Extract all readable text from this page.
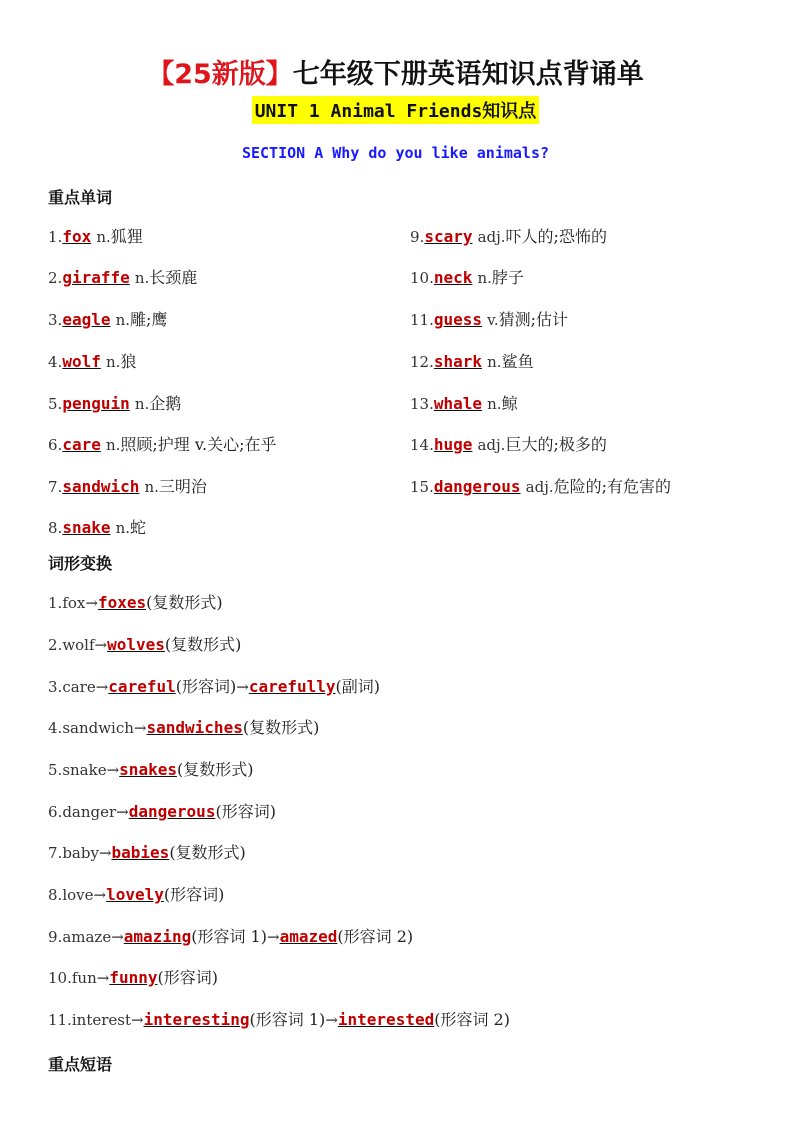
【25新版】七年级下册英语知识点背诵单
UNIT 1 Animal Friends知识点
SECTION A Why do you like animals?
重点单词
1.fox n.狐狸
2.giraffe n.长颈鹿
3.eagle n.雕;鹰
4.wolf n.狼
5.penguin n.企鹅
6.care n.照顾;护理 v.关心;在乎
7.sandwich n.三明治
8.snake n.蛇
9.scary adj.吓人的;恐怖的
10.neck n.脖子
11.guess v.猜测;估计
12.shark n.鲨鱼
13.whale n.鲸
14.huge adj.巨大的;极多的
15.dangerous adj.危险的;有危害的
词形变换
1.fox→foxes(复数形式)
2.wolf→wolves(复数形式)
3.care→careful(形容词)→carefully(副词)
4.sandwich→sandwiches(复数形式)
5.snake→snakes(复数形式)
6.danger→dangerous(形容词)
7.baby→babies(复数形式)
8.love→lovely(形容词)
9.amaze→amazing(形容词 1)→amazed(形容词 2)
10.fun→funny(形容词)
11.interest→interesting(形容词 1)→interested(形容词 2)
重点短语
